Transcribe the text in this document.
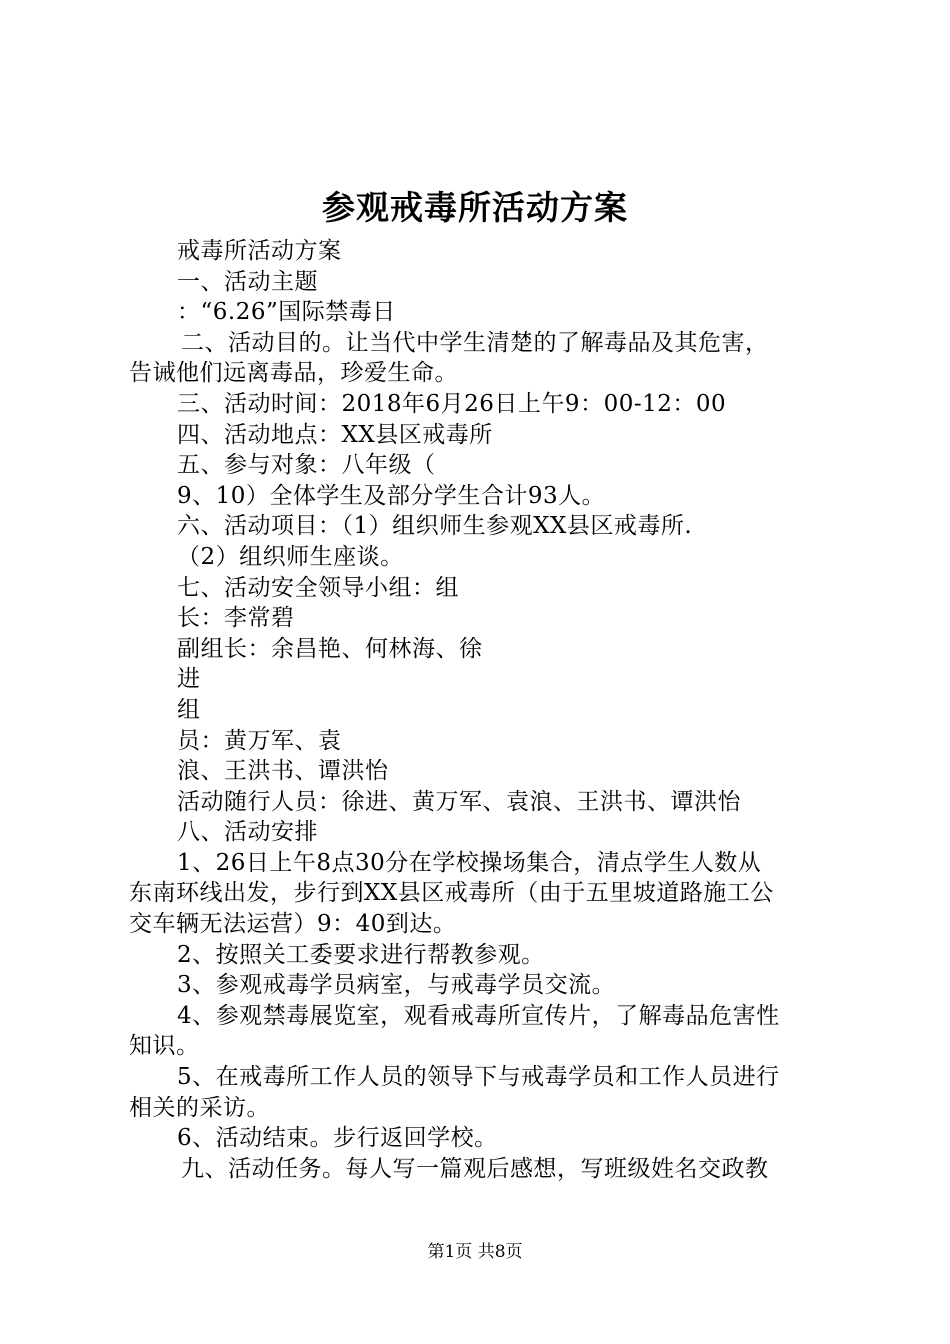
参观戒毒所活动方案
戒毒所活动方案
一、活动主题
：“6.26”国际禁毒日
二、活动目的。让当代中学生清楚的了解毒品及其危害，
告诫他们远离毒品，珍爱生命。
三、活动时间：2018年6月26日上午9：00-12：00
四、活动地点：XX县区戒毒所
五、参与对象：八年级（
9、10）全体学生及部分学生合计93人。
六、活动项目：（1）组织师生参观XX县区戒毒所.
（2）组织师生座谈。
七、活动安全领导小组：组
长：李常碧
副组长：余昌艳、何林海、徐
进
组
员：黄万军、袁
浪、王洪书、谭洪怡
活动随行人员：徐进、黄万军、袁浪、王洪书、谭洪怡
八、活动安排
1、26日上午8点30分在学校操场集合，清点学生人数从
东南环线出发，步行到XX县区戒毒所（由于五里坡道路施工公
交车辆无法运营）9：40到达。
2、按照关工委要求进行帮教参观。
3、参观戒毒学员病室，与戒毒学员交流。
4、参观禁毒展览室，观看戒毒所宣传片，了解毒品危害性
知识。
5、在戒毒所工作人员的领导下与戒毒学员和工作人员进行
相关的采访。
6、活动结束。步行返回学校。
九、活动任务。每人写一篇观后感想，写班级姓名交政教
第1页 共8页
